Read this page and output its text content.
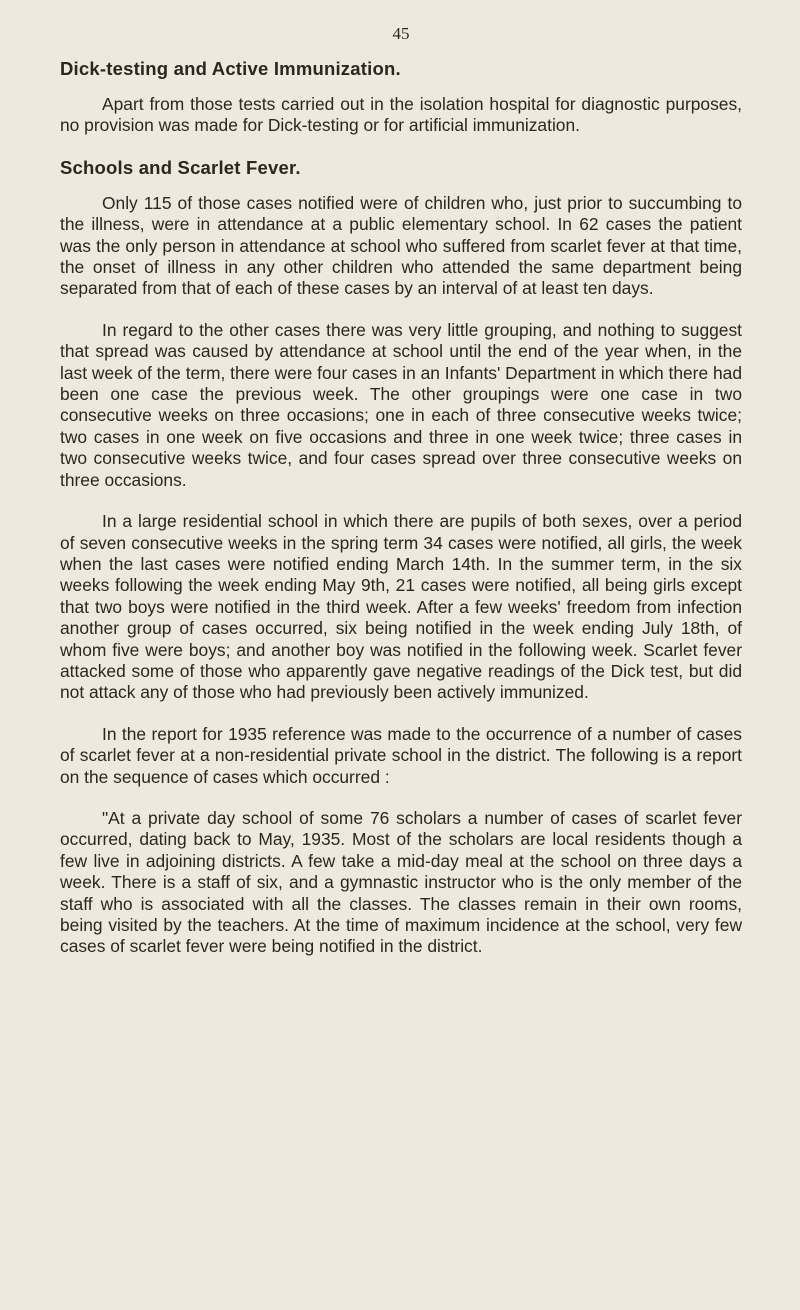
45
Dick-testing and Active Immunization.

Apart from those tests carried out in the isolation hospital for diagnostic purposes, no provision was made for Dick-testing or for artificial immunization.

Schools and Scarlet Fever.

Only 115 of those cases notified were of children who, just prior to succumbing to the illness, were in attendance at a public elementary school. In 62 cases the patient was the only person in attendance at school who suffered from scarlet fever at that time, the onset of illness in any other children who attended the same department being separated from that of each of these cases by an interval of at least ten days.

In regard to the other cases there was very little grouping, and nothing to suggest that spread was caused by attendance at school until the end of the year when, in the last week of the term, there were four cases in an Infants' Department in which there had been one case the previous week. The other groupings were one case in two consecutive weeks on three occasions; one in each of three consecutive weeks twice; two cases in one week on five occasions and three in one week twice; three cases in two consecutive weeks twice, and four cases spread over three consecutive weeks on three occasions.

In a large residential school in which there are pupils of both sexes, over a period of seven consecutive weeks in the spring term 34 cases were notified, all girls, the week when the last cases were notified ending March 14th. In the summer term, in the six weeks following the week ending May 9th, 21 cases were notified, all being girls except that two boys were notified in the third week. After a few weeks' freedom from infection another group of cases occurred, six being notified in the week ending July 18th, of whom five were boys; and another boy was notified in the following week. Scarlet fever attacked some of those who apparently gave negative readings of the Dick test, but did not attack any of those who had previously been actively immunized.

In the report for 1935 reference was made to the occurrence of a number of cases of scarlet fever at a non-residential private school in the district. The following is a report on the sequence of cases which occurred :

"At a private day school of some 76 scholars a number of cases of scarlet fever occurred, dating back to May, 1935. Most of the scholars are local residents though a few live in adjoining districts. A few take a mid-day meal at the school on three days a week. There is a staff of six, and a gymnastic instructor who is the only member of the staff who is associated with all the classes. The classes remain in their own rooms, being visited by the teachers. At the time of maximum incidence at the school, very few cases of scarlet fever were being notified in the district.
